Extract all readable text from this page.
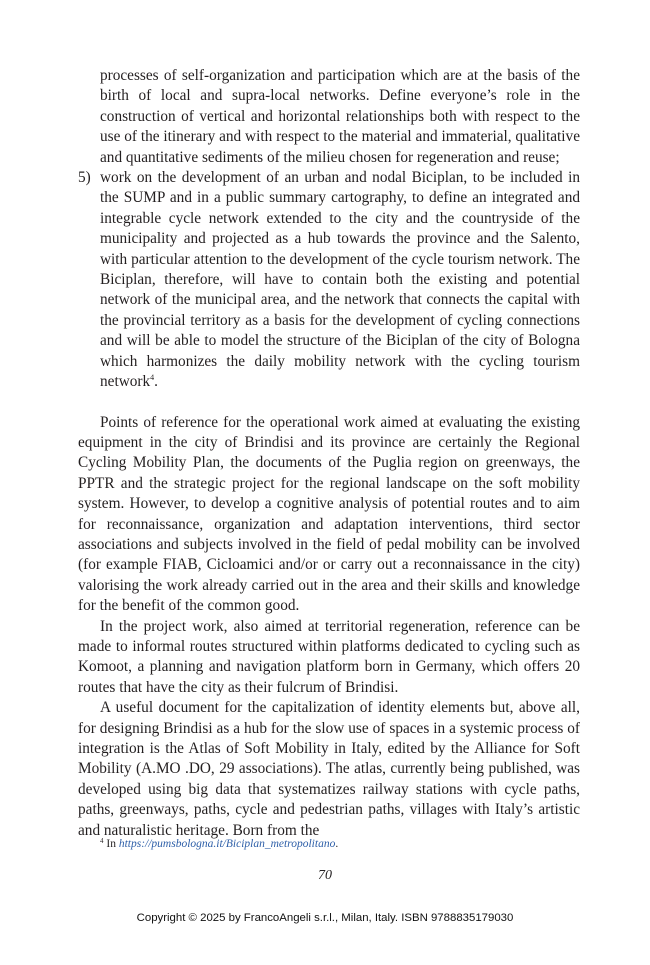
processes of self-organization and participation which are at the basis of the birth of local and supra-local networks. Define everyone’s role in the construction of vertical and horizontal relationships both with respect to the use of the itinerary and with respect to the material and immaterial, qualitative and quantitative sediments of the milieu chosen for regeneration and reuse;

5) work on the development of an urban and nodal Biciplan, to be included in the SUMP and in a public summary cartography, to define an integrated and integrable cycle network extended to the city and the countryside of the municipality and projected as a hub towards the province and the Salento, with particular attention to the development of the cycle tourism network. The Biciplan, therefore, will have to contain both the existing and potential network of the municipal area, and the network that connects the capital with the provincial territory as a basis for the development of cycling connections and will be able to model the structure of the Biciplan of the city of Bologna which harmonizes the daily mobility network with the cycling tourism network$^4$.

Points of reference for the operational work aimed at evaluating the existing equipment in the city of Brindisi and its province are certainly the Regional Cycling Mobility Plan, the documents of the Puglia region on greenways, the PPTR and the strategic project for the regional landscape on the soft mobility system. However, to develop a cognitive analysis of potential routes and to aim for reconnaissance, organization and adaptation interventions, third sector associations and subjects involved in the field of pedal mobility can be involved (for example FIAB, Cicloamici and/or or carry out a reconnaissance in the city) valorising the work already carried out in the area and their skills and knowledge for the benefit of the common good.

In the project work, also aimed at territorial regeneration, reference can be made to informal routes structured within platforms dedicated to cycling such as Komoot, a planning and navigation platform born in Germany, which offers 20 routes that have the city as their fulcrum of Brindisi.

A useful document for the capitalization of identity elements but, above all, for designing Brindisi as a hub for the slow use of spaces in a systemic process of integration is the Atlas of Soft Mobility in Italy, edited by the Alliance for Soft Mobility (A.MO .DO, 29 associations). The atlas, currently being published, was developed using big data that systematizes railway stations with cycle paths, paths, greenways, paths, cycle and pedestrian paths, villages with Italy’s artistic and naturalistic heritage. Born from the

$^4$ In https://pumsbologna.it/Biciplan_metropolitano.
70
Copyright © 2025 by FrancoAngeli s.r.l., Milan, Italy. ISBN 9788835179030
